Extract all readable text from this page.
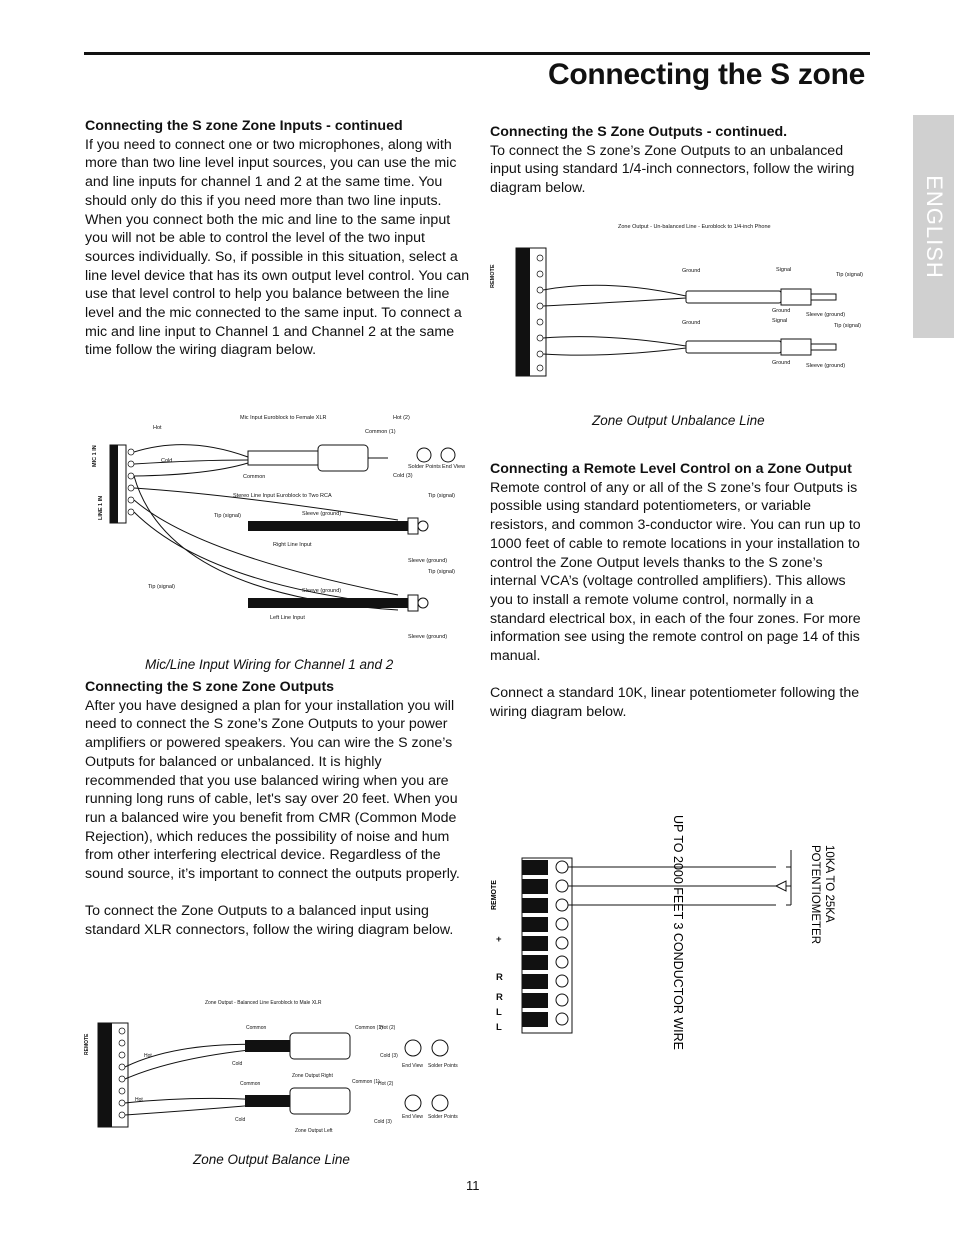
Connecting the S zone
ENGLISH

Connecting the S zone Zone Inputs - continued

If you need to connect one or two microphones, along with more than two line level input sources, you can use the mic and line inputs for channel 1 and 2 at the same time. You should only do this if you need more than two line inputs. When you connect both the mic and line to the same input you will not be able to control the level of the two input sources individually. So, if possible in this situation, select a line level device that has its own output level control. You can use that level control to help you balance between the line level and the mic connected to the same input. To connect a mic and line input to Channel 1 and Channel 2 at the same time follow the wiring diagram below.

Mic Input Euroblock to Female XLR
MIC 1 IN
LINE 1 IN
Hot
Cold
Common
Common (1)
Hot (2)
Cold (3)
Solder Points End View
Stereo Line Input Euroblock to Two RCA	Tip (signal)
Tip (signal)	Sleeve (ground)
Right Line Input
Sleeve (ground)
Tip (signal)
Tip (signal)
Sleeve (ground)
Left Line Input
Sleeve (ground)
Mic/Line Input Wiring for Channel 1 and 2

Connecting the S zone Zone Outputs

After you have designed a plan for your installation you will need to connect the S zone’s Zone Outputs to your power amplifiers or powered speakers. You can wire the S zone’s Outputs for balanced or unbalanced. It is highly recommended that you use balanced wiring when you are running long runs of cable, let's say over 20 feet. When you run a balanced wire you benefit from CMR (Common Mode Rejection), which reduces the possibility of noise and hum from other interfering electrical device. Regardless of the sound source, it’s important to connect the outputs properly.

To connect the Zone Outputs to a balanced input using standard XLR connectors, follow the wiring diagram below.

Zone Output - Balanced Line Euroblock to Male XLR
REMOTE
Common
Hot
Cold
Common (1)
Hot (2)
Cold (3)
End View Solder Points
Zone Output Right
Common
Hot
Cold
Common (1)
Hot (2)
Cold (3)
End View Solder Points
Zone Output Left
Zone Output Balance Line

Connecting the S Zone Outputs - continued.

To connect the S zone’s Zone Outputs to an unbalanced input using standard 1/4-inch connectors, follow the wiring diagram below.

Zone Output - Un-balanced Line - Euroblock to 1/4-inch Phone
REMOTE	Ground	Signal
Tip (signal)
Ground
Ground
Sleeve (ground)
Signal
Tip (signal)
Ground	Sleeve (ground)
Zone Output Unbalance Line

Connecting a Remote Level Control on a Zone Output

Remote control of any or all of the S zone’s four Outputs is possible using standard potentiometers, or variable resistors, and common 3-conductor wire. You can run up to 1000 feet of cable to remote locations in your installation to control the Zone Output levels thanks to the S zone’s internal VCA’s (voltage controlled amplifiers). This allows you to install a remote volume control, normally in a standard electrical box, in each of the four zones. For more information see using the remote control on page 14 of this manual.

Connect a standard 10K, linear potentiometer following the wiring diagram below.

REMOTE
+
R
R
L
L	UP TO 2000 FEET 3 CONDUCTOR WIRE	10KA TO 25KA
POTENTIOMETER
11
